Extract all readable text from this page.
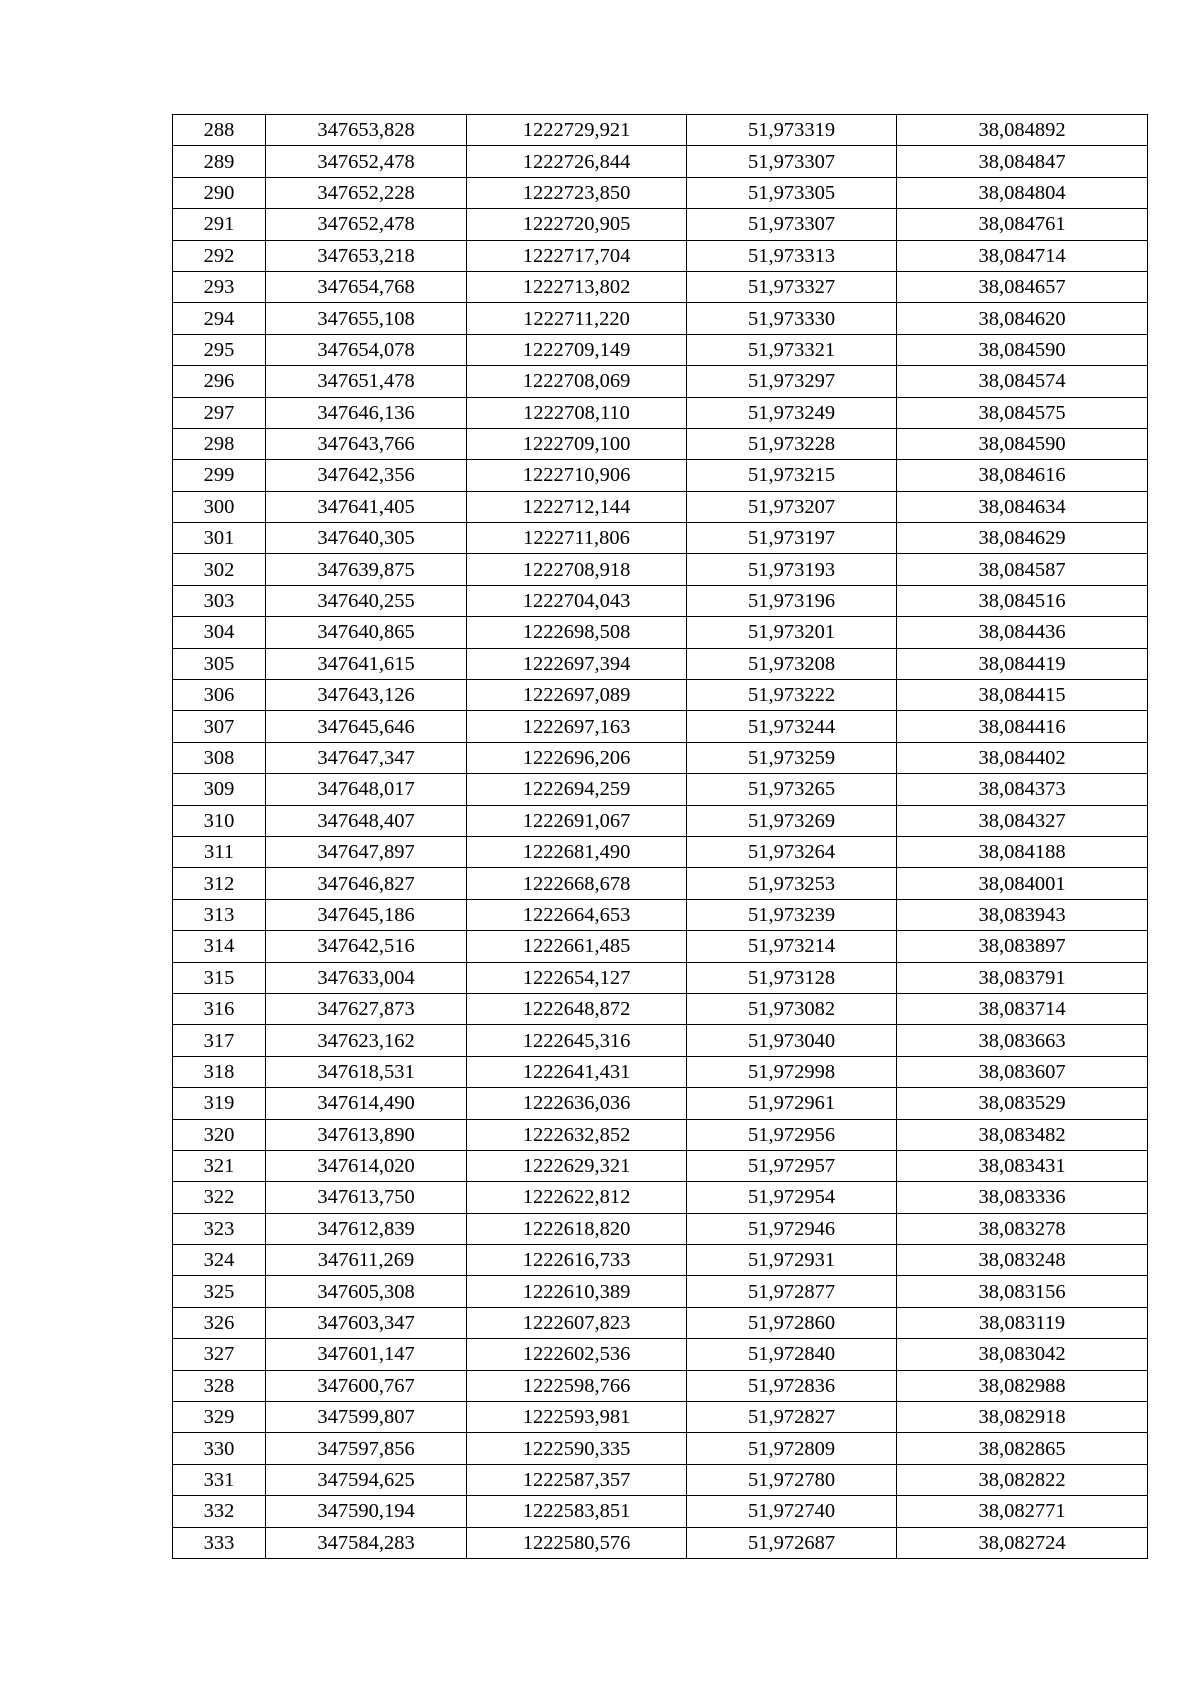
288	347653,828	1222729,921	51,973319	38,084892
289	347652,478	1222726,844	51,973307	38,084847
290	347652,228	1222723,850	51,973305	38,084804
291	347652,478	1222720,905	51,973307	38,084761
292	347653,218	1222717,704	51,973313	38,084714
293	347654,768	1222713,802	51,973327	38,084657
294	347655,108	1222711,220	51,973330	38,084620
295	347654,078	1222709,149	51,973321	38,084590
296	347651,478	1222708,069	51,973297	38,084574
297	347646,136	1222708,110	51,973249	38,084575
298	347643,766	1222709,100	51,973228	38,084590
299	347642,356	1222710,906	51,973215	38,084616
300	347641,405	1222712,144	51,973207	38,084634
301	347640,305	1222711,806	51,973197	38,084629
302	347639,875	1222708,918	51,973193	38,084587
303	347640,255	1222704,043	51,973196	38,084516
304	347640,865	1222698,508	51,973201	38,084436
305	347641,615	1222697,394	51,973208	38,084419
306	347643,126	1222697,089	51,973222	38,084415
307	347645,646	1222697,163	51,973244	38,084416
308	347647,347	1222696,206	51,973259	38,084402
309	347648,017	1222694,259	51,973265	38,084373
310	347648,407	1222691,067	51,973269	38,084327
311	347647,897	1222681,490	51,973264	38,084188
312	347646,827	1222668,678	51,973253	38,084001
313	347645,186	1222664,653	51,973239	38,083943
314	347642,516	1222661,485	51,973214	38,083897
315	347633,004	1222654,127	51,973128	38,083791
316	347627,873	1222648,872	51,973082	38,083714
317	347623,162	1222645,316	51,973040	38,083663
318	347618,531	1222641,431	51,972998	38,083607
319	347614,490	1222636,036	51,972961	38,083529
320	347613,890	1222632,852	51,972956	38,083482
321	347614,020	1222629,321	51,972957	38,083431
322	347613,750	1222622,812	51,972954	38,083336
323	347612,839	1222618,820	51,972946	38,083278
324	347611,269	1222616,733	51,972931	38,083248
325	347605,308	1222610,389	51,972877	38,083156
326	347603,347	1222607,823	51,972860	38,083119
327	347601,147	1222602,536	51,972840	38,083042
328	347600,767	1222598,766	51,972836	38,082988
329	347599,807	1222593,981	51,972827	38,082918
330	347597,856	1222590,335	51,972809	38,082865
331	347594,625	1222587,357	51,972780	38,082822
332	347590,194	1222583,851	51,972740	38,082771
333	347584,283	1222580,576	51,972687	38,082724
